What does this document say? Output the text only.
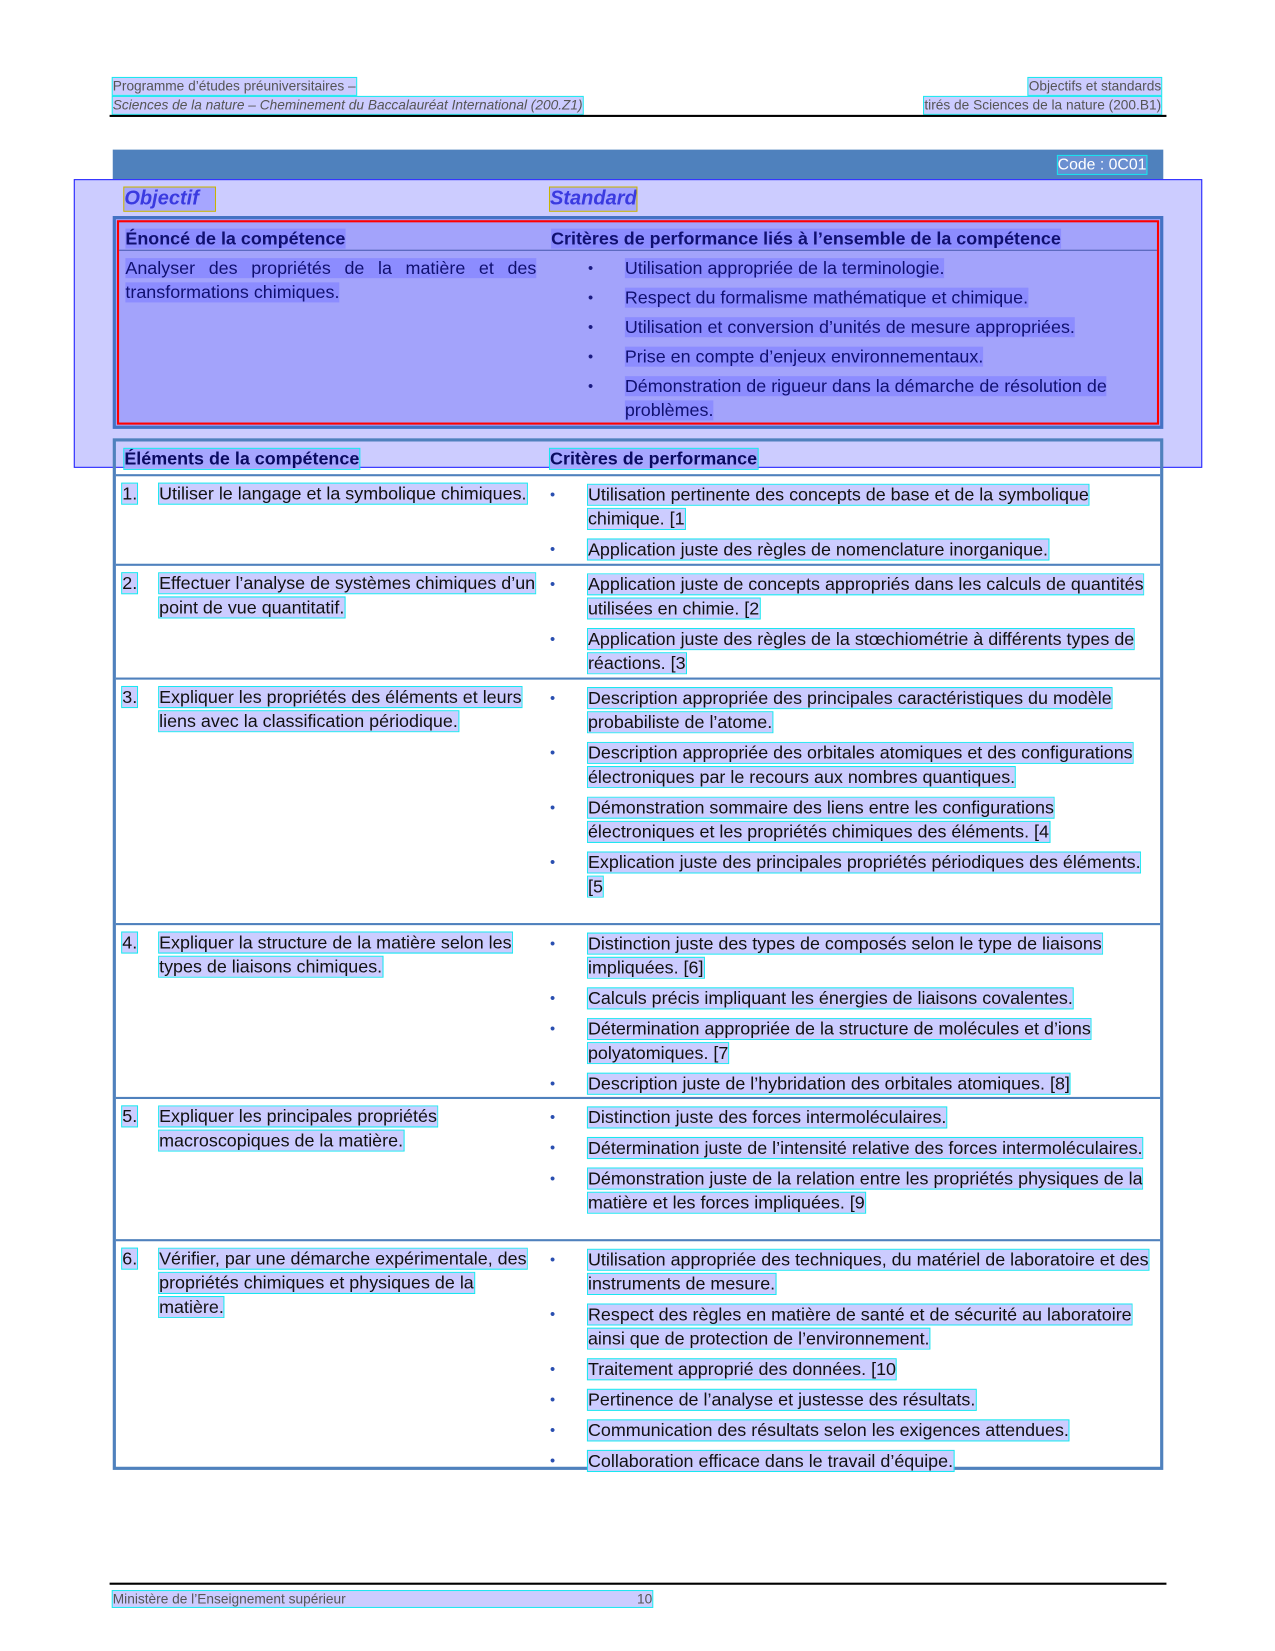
Programme d’études préuniversitaires –
Sciences de la nature – Cheminement du Baccalauréat International (200.Z1)
Objectifs et standards
tirés de Sciences de la nature (200.B1)
Code : 0C01
Objectif	Standard
Énoncé de la compétence	Critères de performance liés à l’ensemble de la compétence
Analyser des propriétés de la matière et des transformations chimiques.
•	Utilisation appropriée de la terminologie.
•	Respect du formalisme mathématique et chimique.
•	Utilisation et conversion d’unités de mesure appropriées.
•	Prise en compte d’enjeux environnementaux.
•	Démonstration de rigueur dans la démarche de résolution de problèmes.
Éléments de la compétence	Critères de performance
1. Utiliser le langage et la symbolique chimiques.	•	Utilisation pertinente des concepts de base et de la symbolique chimique. [1
•	Application juste des règles de nomenclature inorganique.
2. Effectuer l’analyse de systèmes chimiques d’un point de vue quantitatif.
•	Application juste de concepts appropriés dans les calculs de quantités utilisées en chimie. [2
•	Application juste des règles de la stœchiométrie à différents types de réactions. [3
3. Expliquer les propriétés des éléments et leurs liens avec la classification périodique.
•	Description appropriée des principales caractéristiques du modèle probabiliste de l’atome.
•	Description appropriée des orbitales atomiques et des configurations électroniques par le recours aux nombres quantiques.
•	Démonstration sommaire des liens entre les configurations électroniques et les propriétés chimiques des éléments. [4
•	Explication juste des principales propriétés périodiques des éléments. [5
4. Expliquer la structure de la matière selon les types de liaisons chimiques.
•	Distinction juste des types de composés selon le type de liaisons impliquées. [6]
•	Calculs précis impliquant les énergies de liaisons covalentes.
•	Détermination appropriée de la structure de molécules et d’ions polyatomiques. [7
•	Description juste de l’hybridation des orbitales atomiques. [8]
5. Expliquer les principales propriétés macroscopiques de la matière.
•	Distinction juste des forces intermoléculaires.
•	Détermination juste de l’intensité relative des forces intermoléculaires.
•	Démonstration juste de la relation entre les propriétés physiques de la matière et les forces impliquées. [9
6. Vérifier, par une démarche expérimentale, des propriétés chimiques et physiques de la matière.
•	Utilisation appropriée des techniques, du matériel de laboratoire et des instruments de mesure.
•	Respect des règles en matière de santé et de sécurité au laboratoire ainsi que de protection de l’environnement.
•	Traitement approprié des données. [10
•	Pertinence de l’analyse et justesse des résultats.
•	Communication des résultats selon les exigences attendues.
•	Collaboration efficace dans le travail d’équipe.
Ministère de l’Enseignement supérieur	10
